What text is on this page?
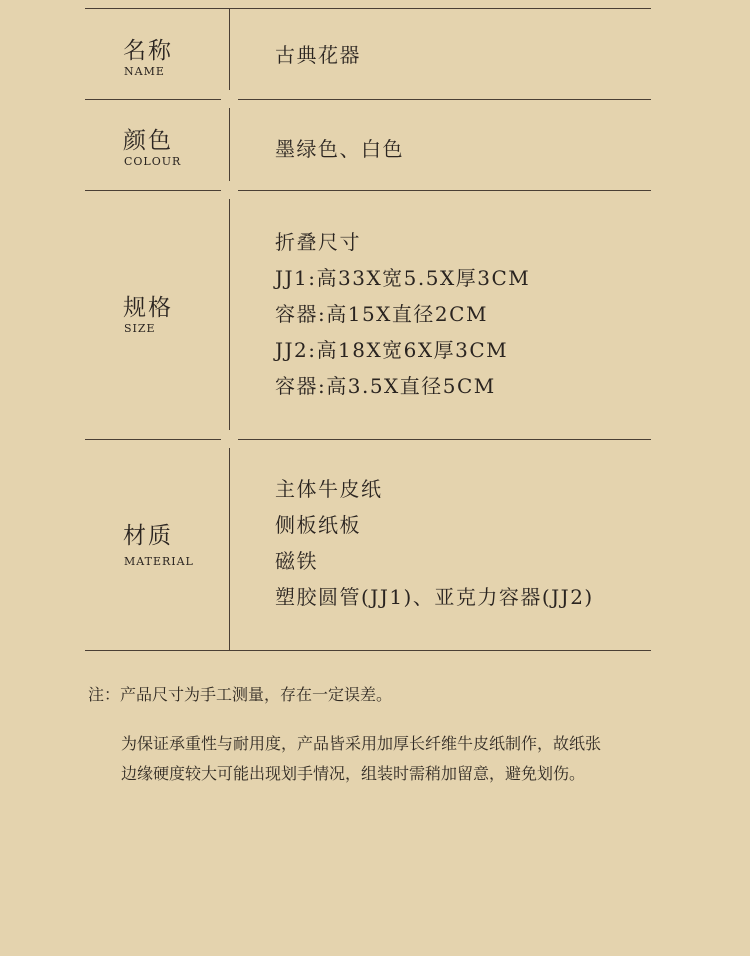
名称
NAME
古典花器
颜色
COLOUR
墨绿色、白色
规格
SIZE
折叠尺寸
JJ1:高33X宽5.5X厚3CM
容器:高15X直径2CM
JJ2:高18X宽6X厚3CM
容器:高3.5X直径5CM
材质
MATERIAL
主体牛皮纸
侧板纸板
磁铁
塑胶圆管(JJ1)、亚克力容器(JJ2)
注：产品尺寸为手工测量，存在一定误差。
为保证承重性与耐用度，产品皆采用加厚长纤维牛皮纸制作，故纸张
边缘硬度较大可能出现划手情况，组装时需稍加留意，避免划伤。
